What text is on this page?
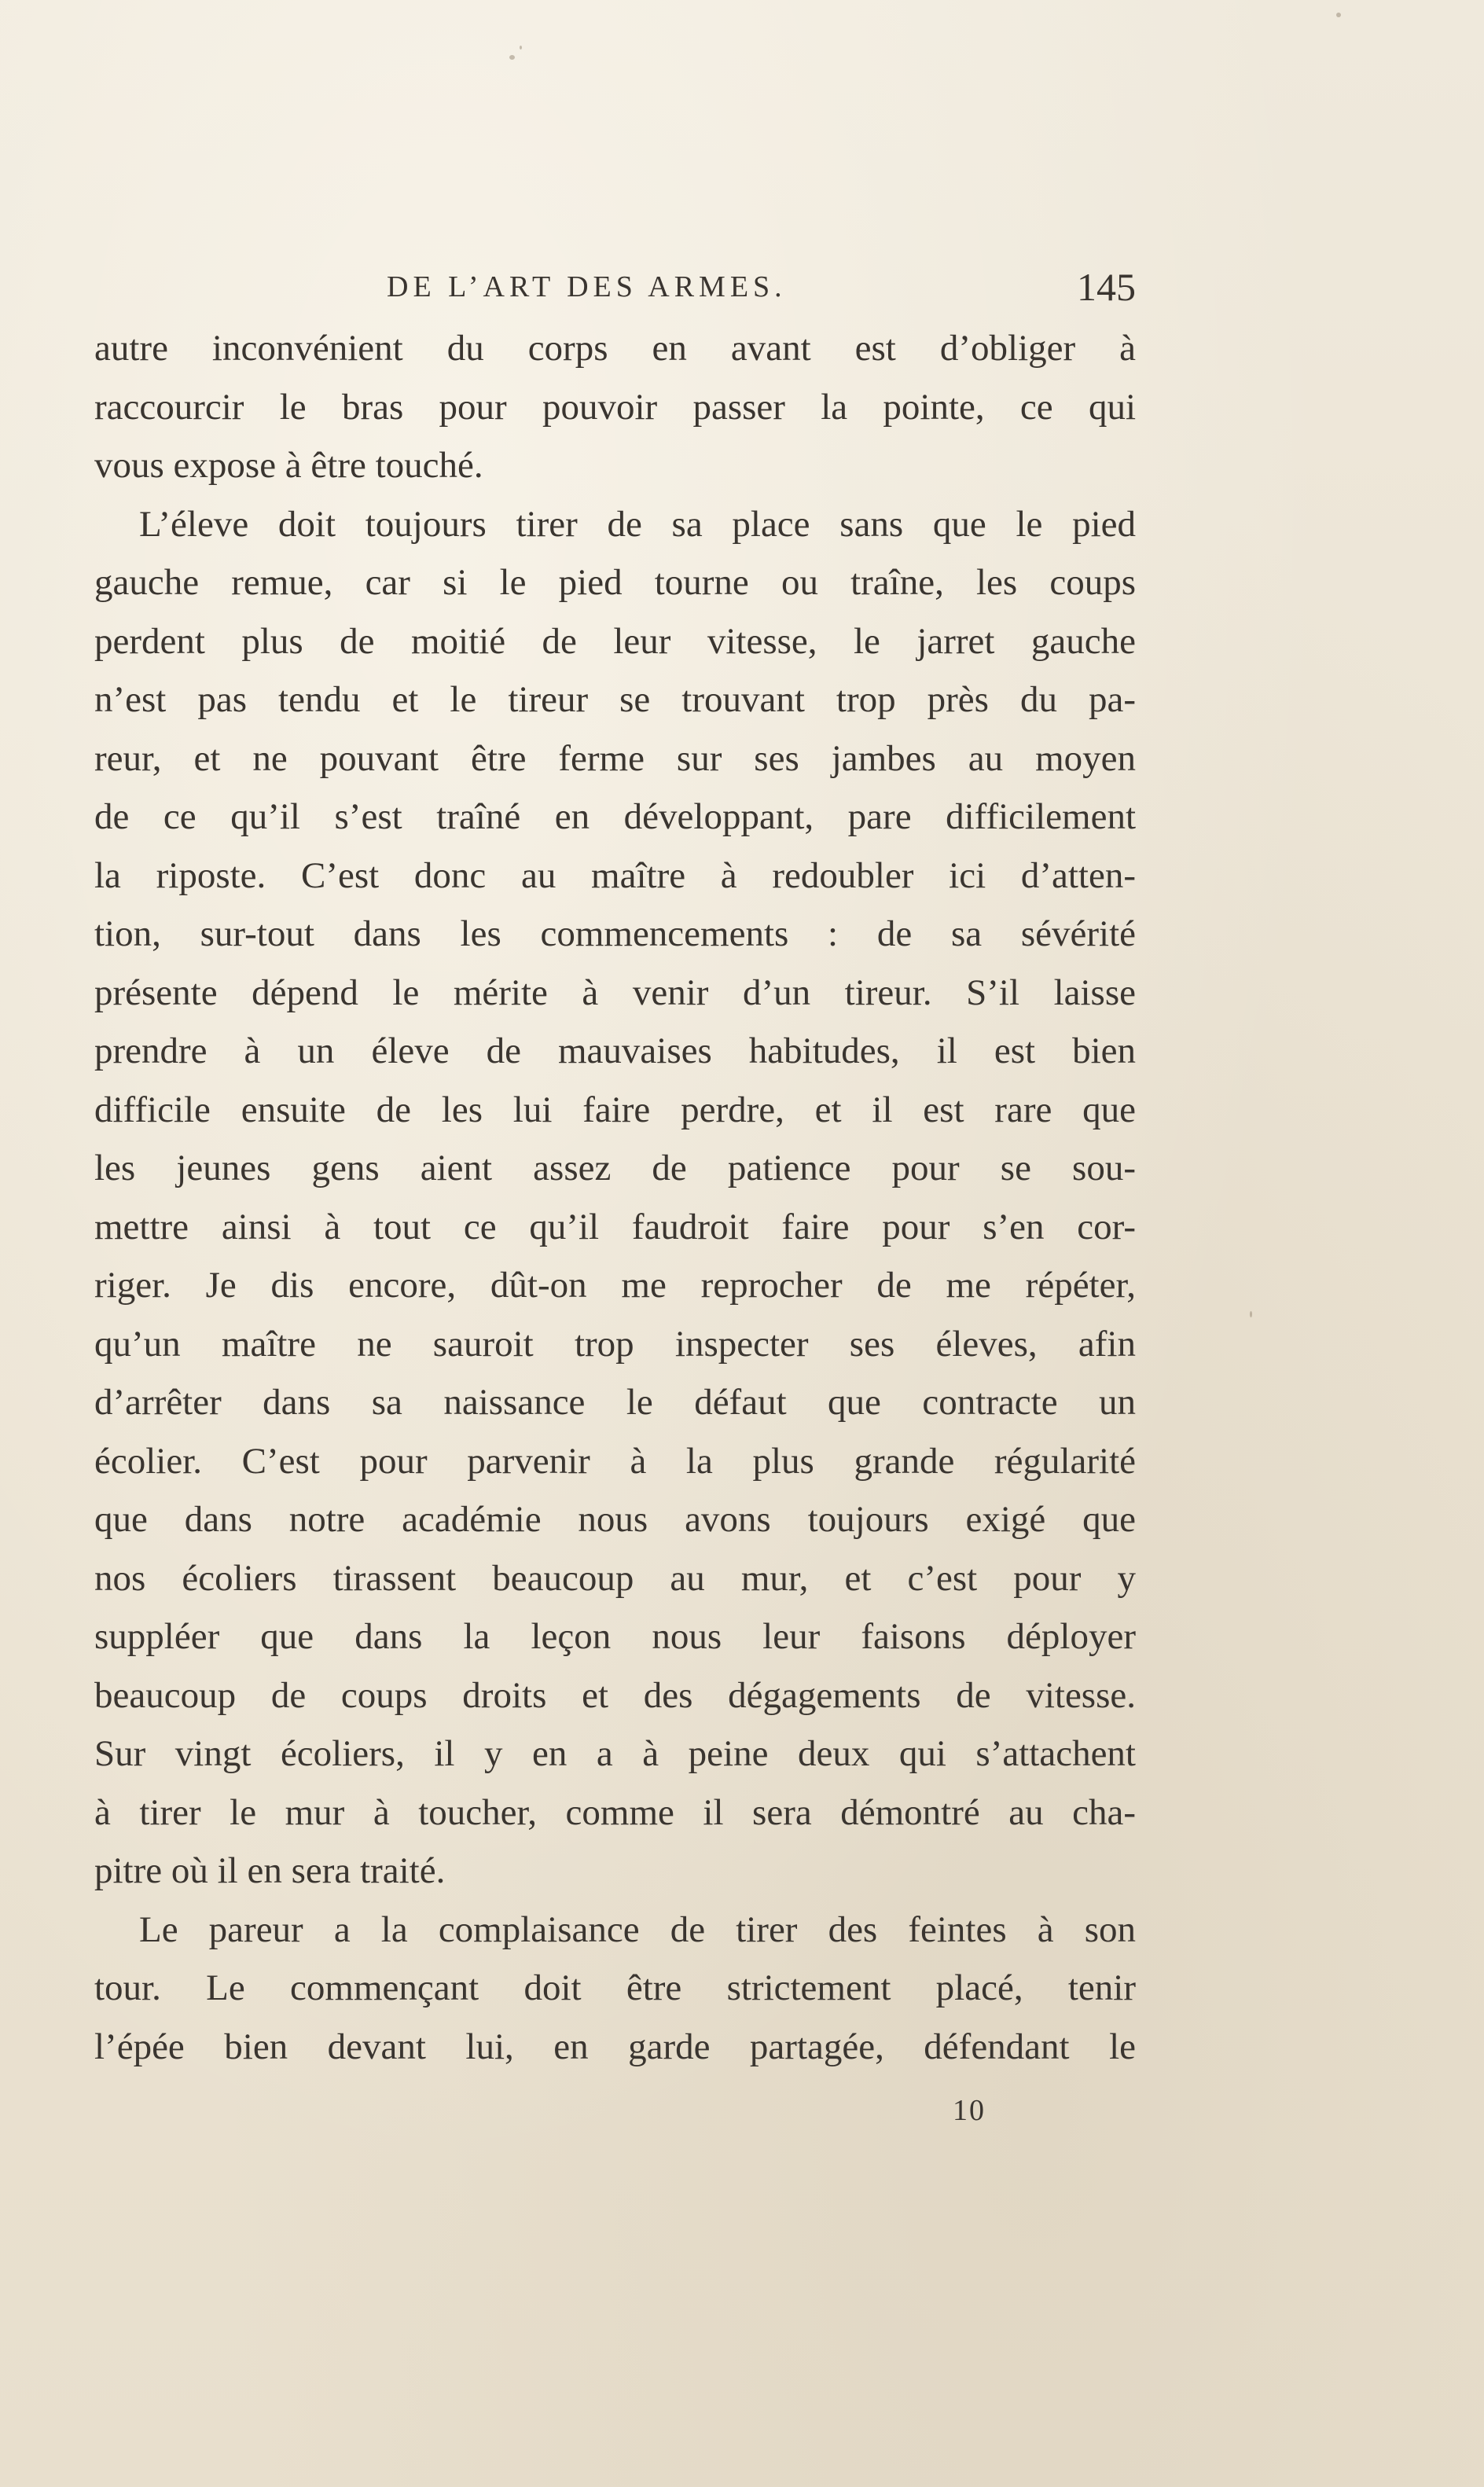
DE L’ART DES ARMES.	145
autre inconvénient du corps en avant est d’obliger à
raccourcir le bras pour pouvoir passer la pointe, ce qui
vous expose à être touché.
L’éleve doit toujours tirer de sa place sans que le pied
gauche remue, car si le pied tourne ou traîne, les coups
perdent plus de moitié de leur vitesse, le jarret gauche
n’est pas tendu et le tireur se trouvant trop près du pa-
reur, et ne pouvant être ferme sur ses jambes au moyen
de ce qu’il s’est traîné en développant, pare difficilement
la riposte. C’est donc au maître à redoubler ici d’atten-
tion, sur-tout dans les commencements : de sa sévérité
présente dépend le mérite à venir d’un tireur. S’il laisse
prendre à un éleve de mauvaises habitudes, il est bien
difficile ensuite de les lui faire perdre, et il est rare que
les jeunes gens aient assez de patience pour se sou-
mettre ainsi à tout ce qu’il faudroit faire pour s’en cor-
riger. Je dis encore, dût-on me reprocher de me répéter,
qu’un maître ne sauroit trop inspecter ses éleves, afin
d’arrêter dans sa naissance le défaut que contracte un
écolier. C’est pour parvenir à la plus grande régularité
que dans notre académie nous avons toujours exigé que
nos écoliers tirassent beaucoup au mur, et c’est pour y
suppléer que dans la leçon nous leur faisons déployer
beaucoup de coups droits et des dégagements de vitesse.
Sur vingt écoliers, il y en a à peine deux qui s’attachent
à tirer le mur à toucher, comme il sera démontré au cha-
pitre où il en sera traité.
Le pareur a la complaisance de tirer des feintes à son
tour. Le commençant doit être strictement placé, tenir
l’épée bien devant lui, en garde partagée, défendant le
10
